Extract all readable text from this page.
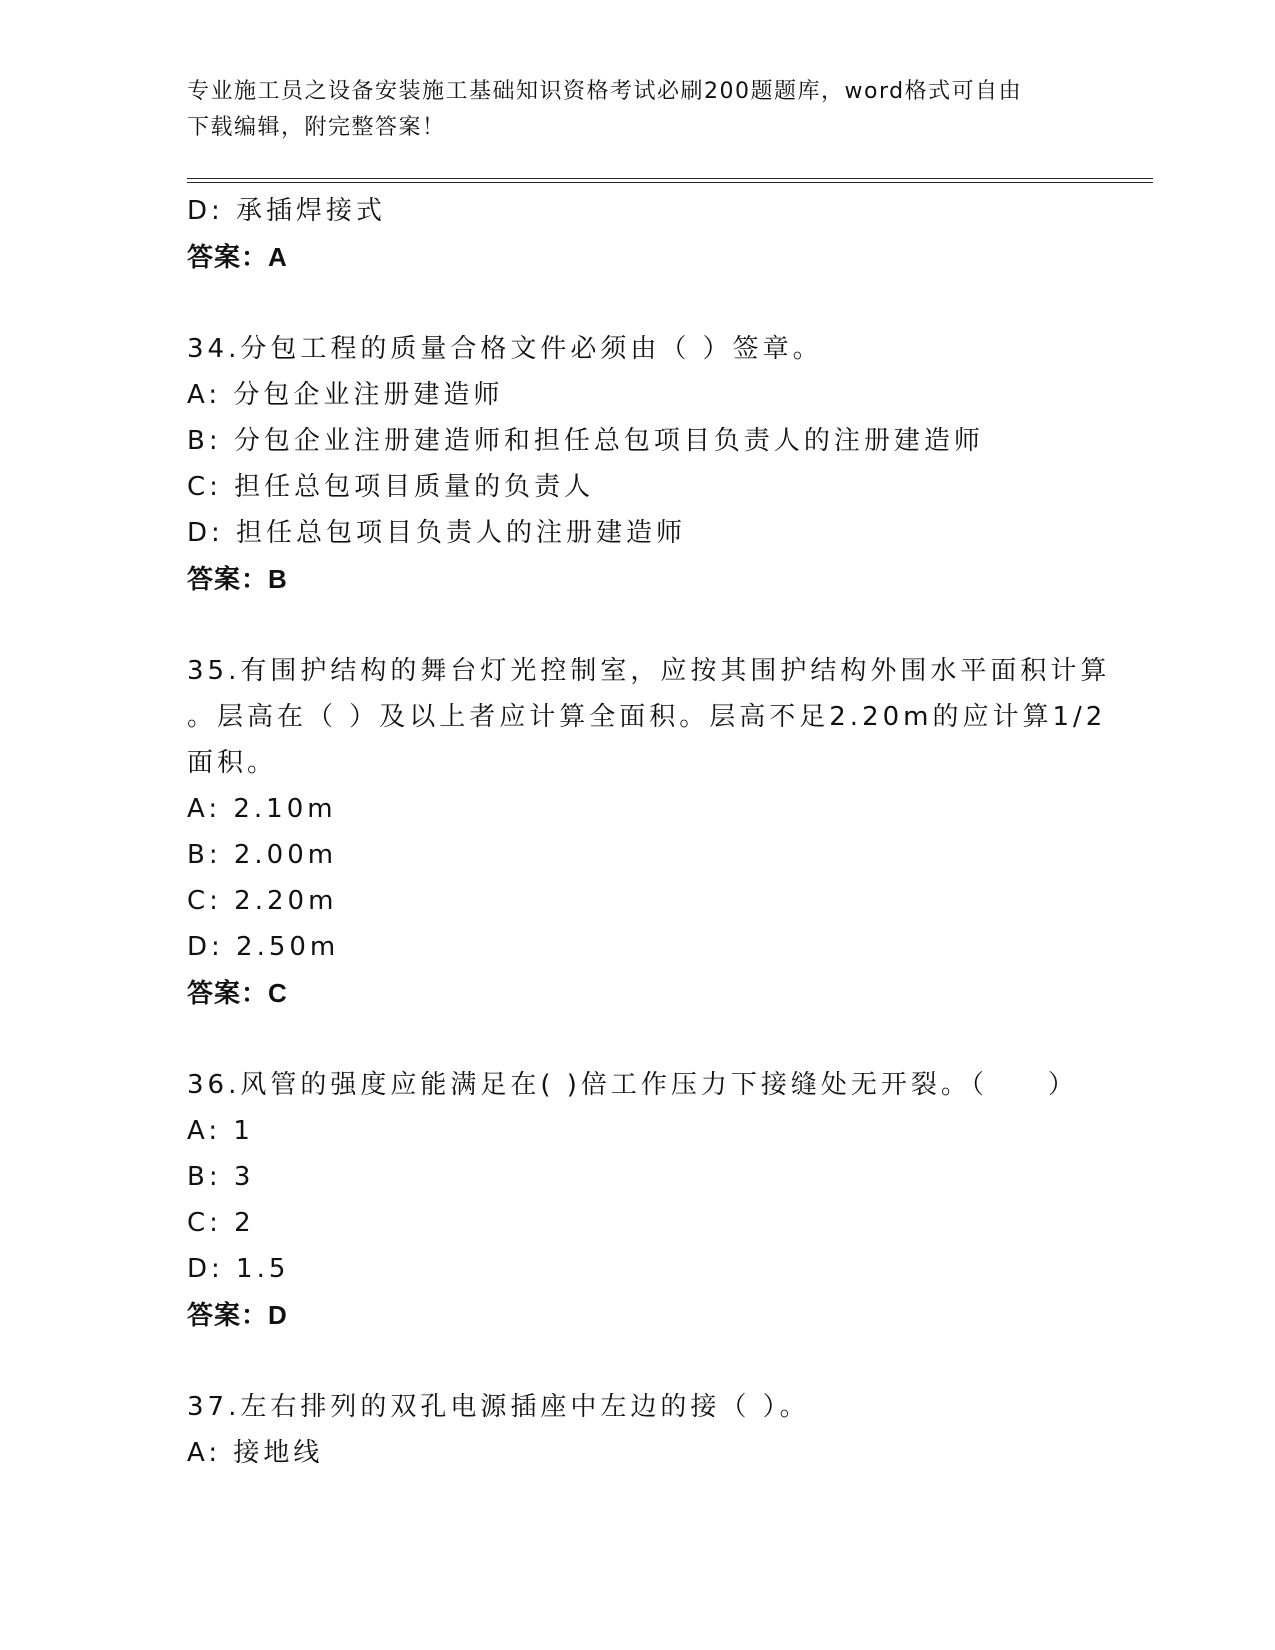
专业施工员之设备安装施工基础知识资格考试必刷200题题库，word格式可自由
下载编辑，附完整答案！
D: 承插焊接式
答案：A
34.分包工程的质量合格文件必须由（ ）签章。
A: 分包企业注册建造师
B: 分包企业注册建造师和担任总包项目负责人的注册建造师
C: 担任总包项目质量的负责人
D: 担任总包项目负责人的注册建造师
答案：B
35.有围护结构的舞台灯光控制室，应按其围护结构外围水平面积计算
。层高在（ ）及以上者应计算全面积。层高不足2.20m的应计算1/2
面积。
A: 2.10m
B: 2.00m
C: 2.20m
D: 2.50m
答案：C
36.风管的强度应能满足在( )倍工作压力下接缝处无开裂。（　　）
A: 1
B: 3
C: 2
D: 1.5
答案：D
37.左右排列的双孔电源插座中左边的接（ ）。
A: 接地线
